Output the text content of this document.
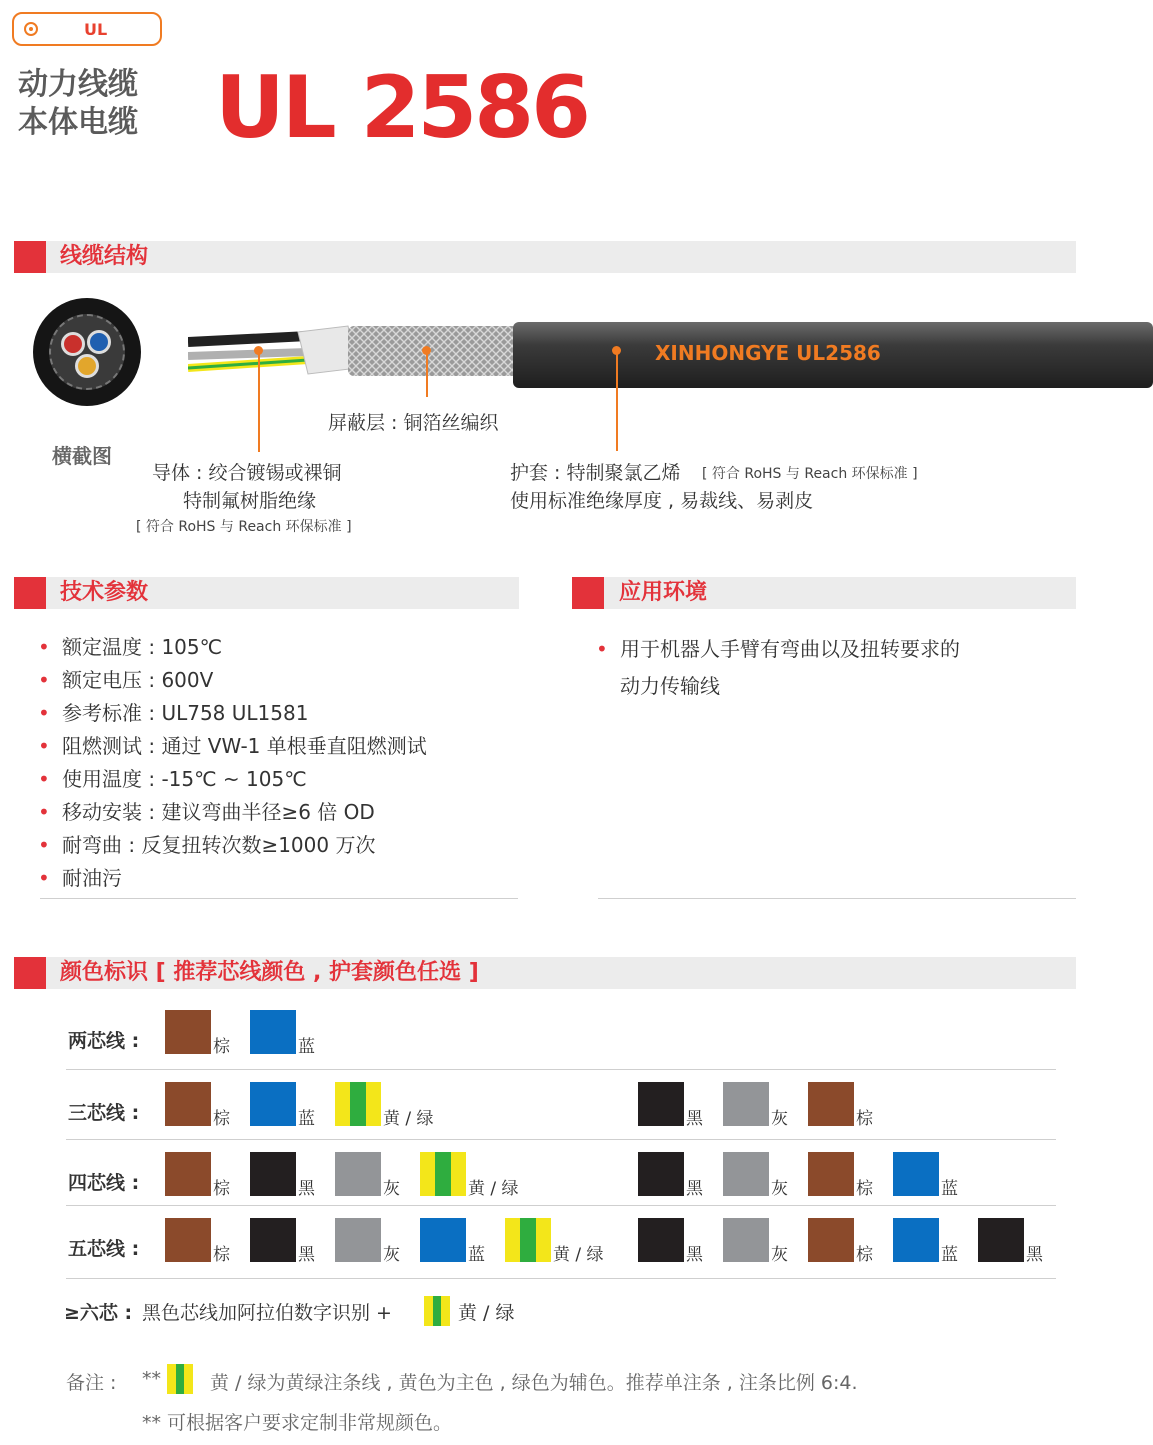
UL
动力线缆
本体电缆 UL 2586
线缆结构
横截图
XINHONGYE UL2586
屏蔽层 : 铜箔丝编织
导体 : 绞合镀锡或裸铜
特制氟树脂绝缘
[ 符合 RoHS 与 Reach 环保标准 ]
护套 : 特制聚氯乙烯 [ 符合 RoHS 与 Reach 环保标准 ]
使用标准绝缘厚度 , 易裁线、易剥皮
技术参数
• 额定温度 : 105℃
• 额定电压 : 600V
• 参考标准 : UL758 UL1581
• 阻燃测试 : 通过 VW-1 单根垂直阻燃测试
• 使用温度 : -15℃ ~ 105℃
• 移动安装 : 建议弯曲半径≥6 倍 OD
• 耐弯曲 : 反复扭转次数≥1000 万次
• 耐油污
应用环境
• 用于机器人手臂有弯曲以及扭转要求的
动力传输线
颜色标识 [ 推荐芯线颜色 , 护套颜色任选 ]
两芯线 :	棕	蓝
三芯线 :	棕	蓝	黄 / 绿	黑	灰	棕
四芯线 :	棕	黑	灰	黄 / 绿	黑	灰	棕	蓝
五芯线 :	棕	黑	灰	蓝	黄 / 绿	黑	灰	棕	蓝	黑
≥六芯 : 黑色芯线加阿拉伯数字识别 +	黄 / 绿
备注 : **	黄 / 绿为黄绿注条线 , 黄色为主色 , 绿色为辅色。推荐单注条 , 注条比例 6:4.
** 可根据客户要求定制非常规颜色。
